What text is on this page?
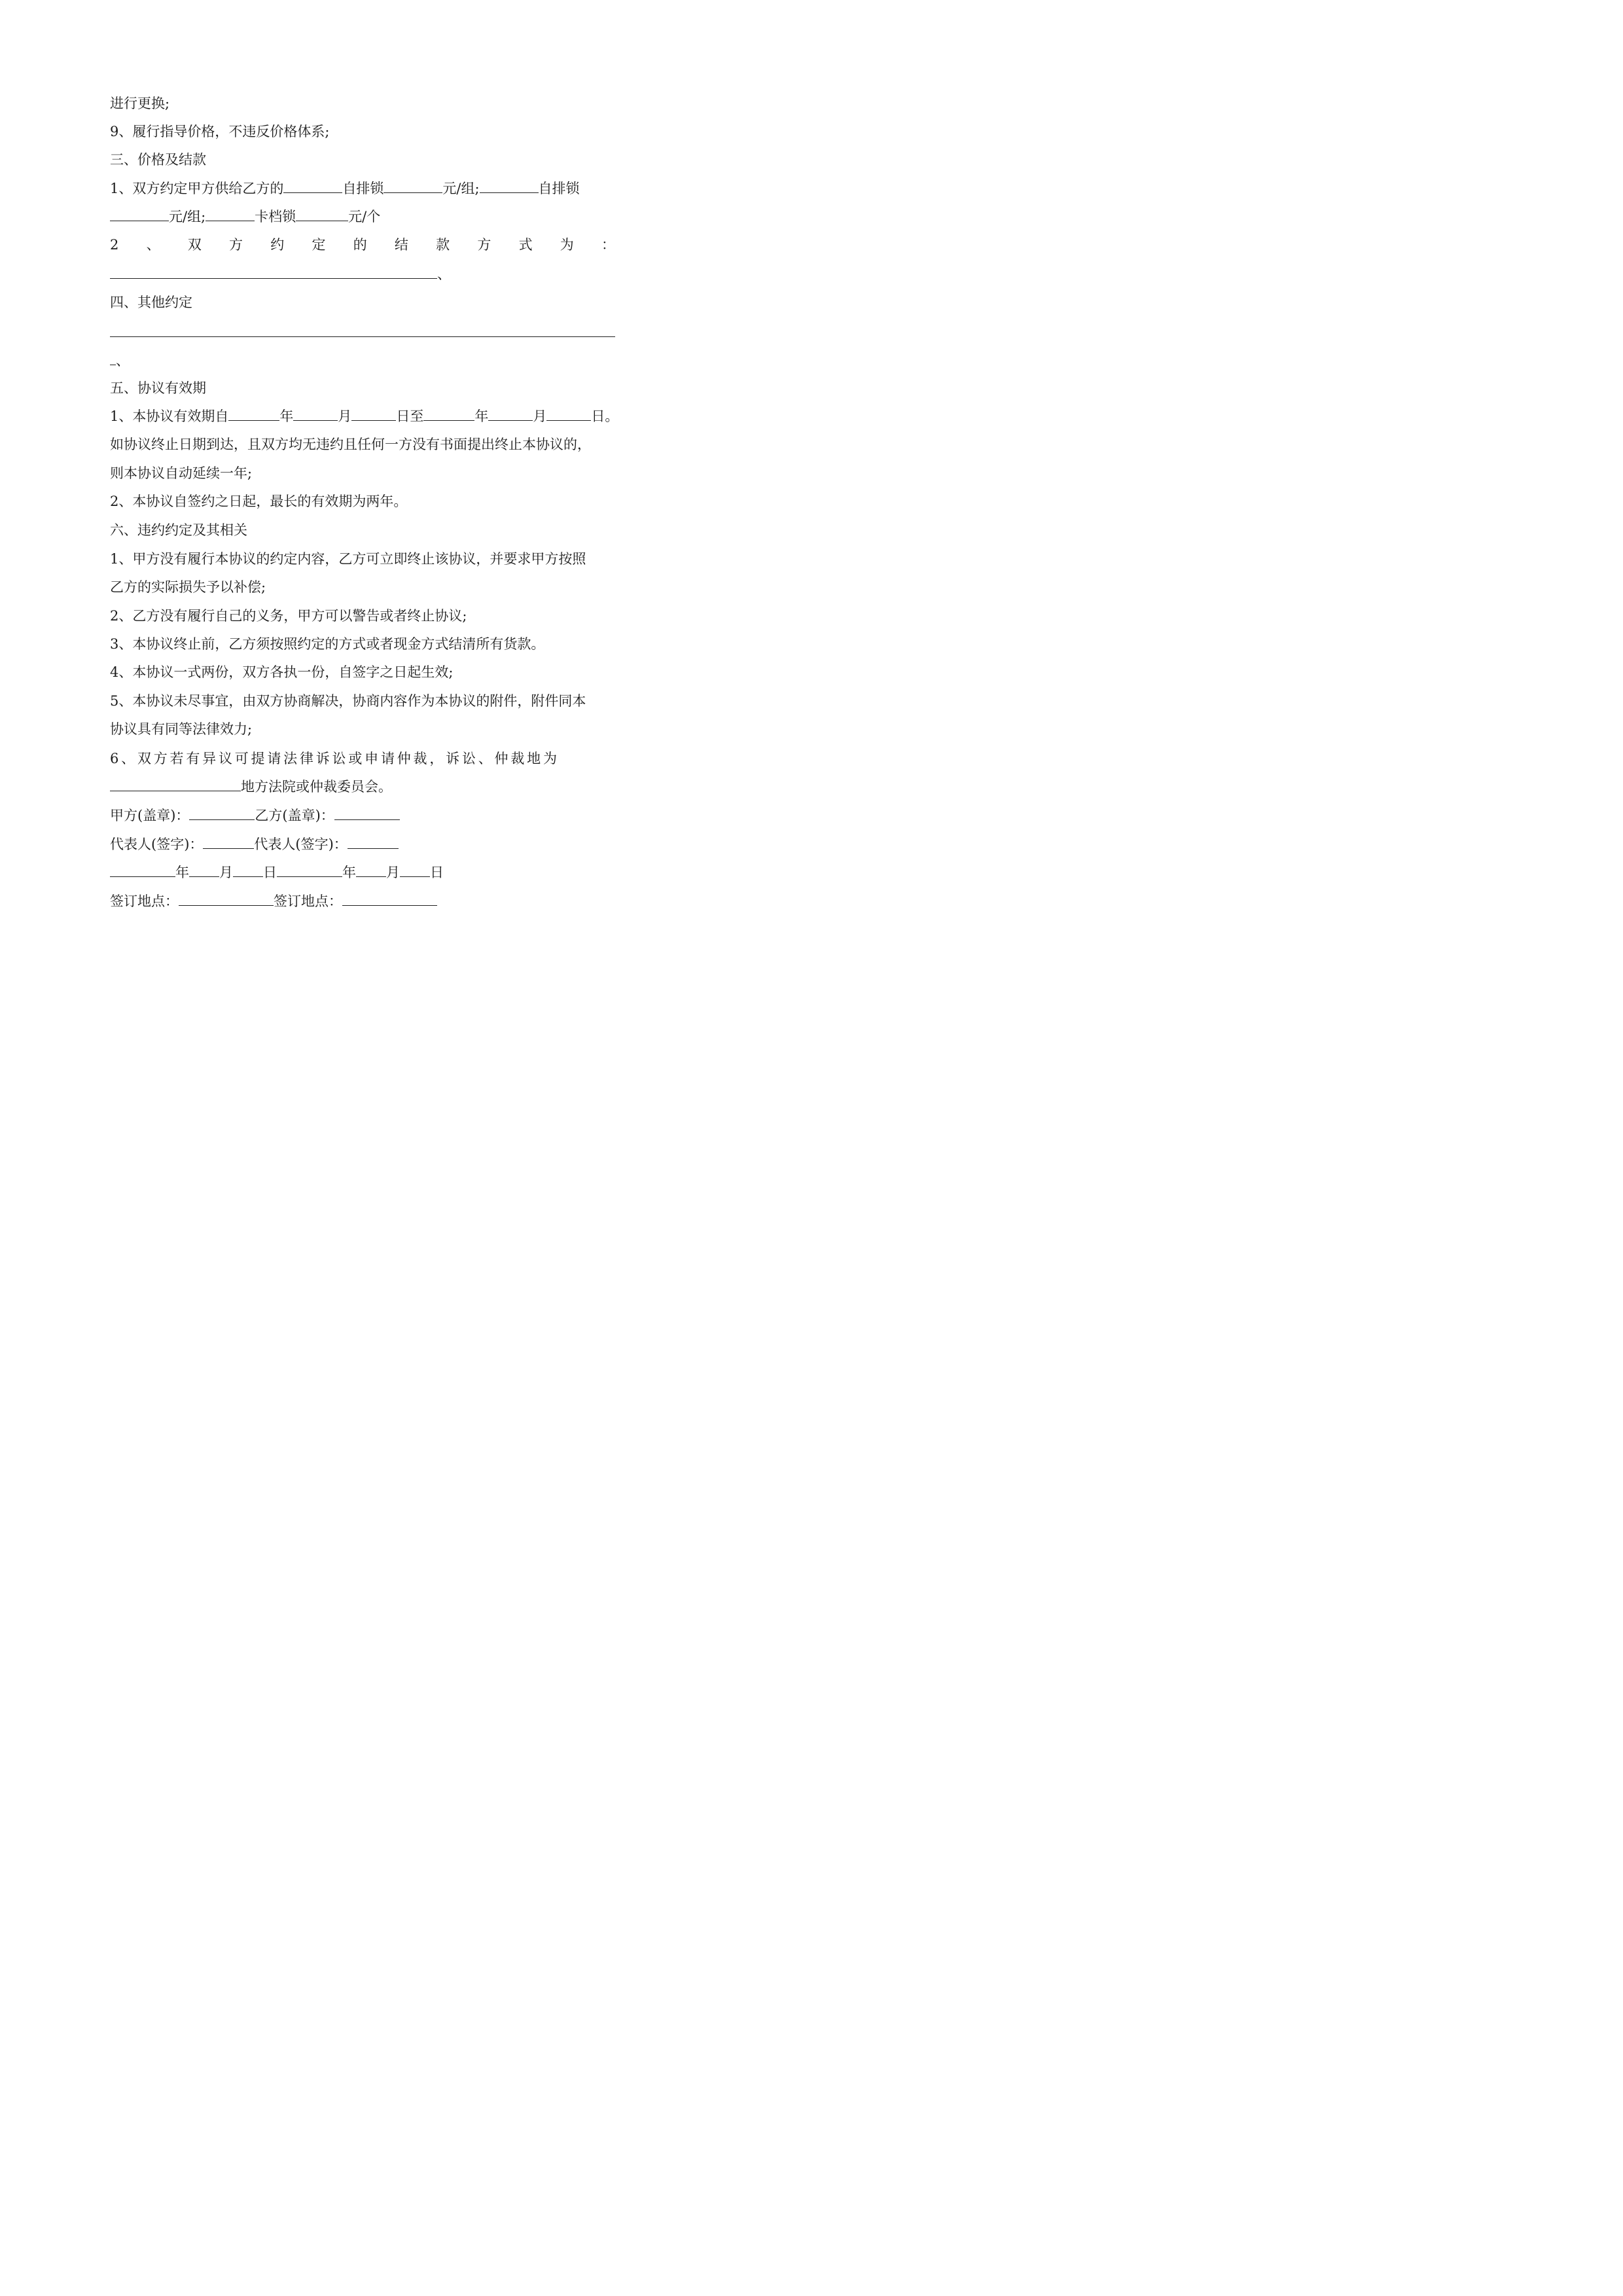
进行更换;
9、履行指导价格，不违反价格体系;
三、价格及结款
1、双方约定甲方供给乙方的	自排锁	元/组;	自排锁
元/组;	卡档锁	元/个
2 、 双 方 约 定 的 结 款 方 式 为 ：
、
四、其他约定
、
五、协议有效期
1、本协议有效期自	年	月	日至	年	月	日。
如协议终止日期到达，且双方均无违约且任何一方没有书面提出终止本协议的，
则本协议自动延续一年;
2、本协议自签约之日起，最长的有效期为两年。
六、违约约定及其相关
1、甲方没有履行本协议的约定内容，乙方可立即终止该协议，并要求甲方按照
乙方的实际损失予以补偿;
2、乙方没有履行自己的义务，甲方可以警告或者终止协议;
3、本协议终止前，乙方须按照约定的方式或者现金方式结清所有货款。
4、本协议一式两份，双方各执一份，自签字之日起生效;
5、本协议未尽事宜，由双方协商解决，协商内容作为本协议的附件，附件同本
协议具有同等法律效力;
6、双方若有异议可提请法律诉讼或申请仲裁，诉讼、仲裁地为
地方法院或仲裁委员会。
甲方(盖章)：	乙方(盖章)：
代表人(签字)：	代表人(签字)：
年 月 日	年 月 日
签订地点：	签订地点：
